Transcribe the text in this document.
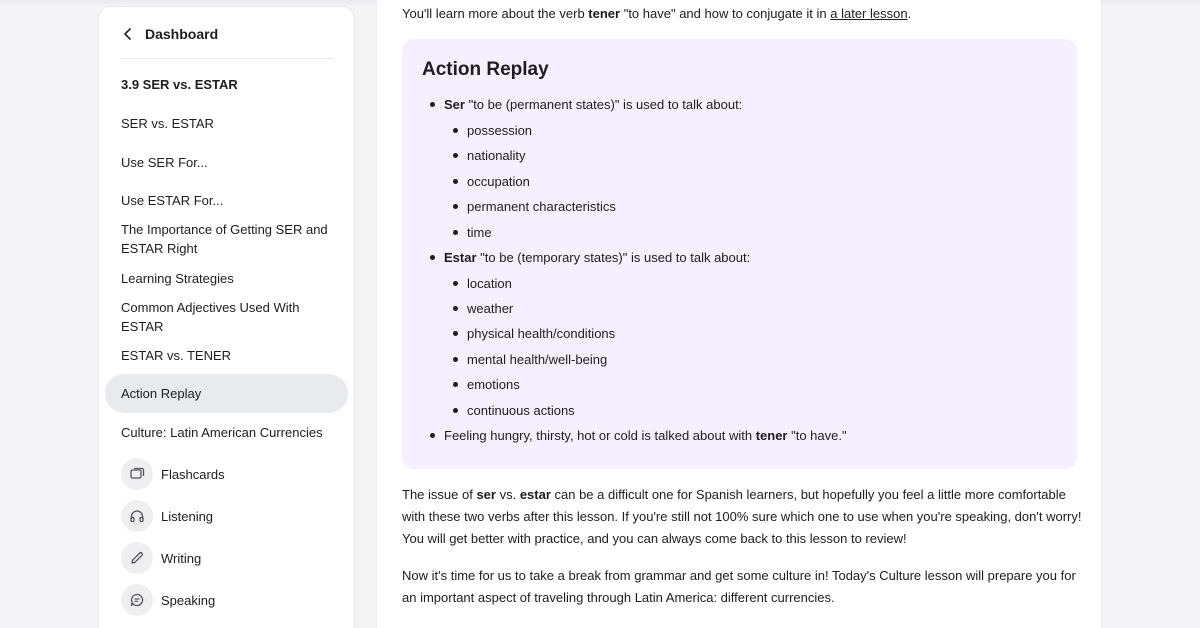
Dashboard
3.9 SER vs. ESTAR
SER vs. ESTAR
Use SER For...
Use ESTAR For...
The Importance of Getting SER and ESTAR Right
Learning Strategies
Common Adjectives Used With ESTAR
ESTAR vs. TENER
Action Replay
Culture: Latin American Currencies
Flashcards
Listening
Writing
Speaking

You'll learn more about the verb tener "to have" and how to conjugate it in a later lesson.

Action Replay
Ser "to be (permanent states)" is used to talk about:
possession
nationality
occupation
permanent characteristics
time
Estar "to be (temporary states)" is used to talk about:
location
weather
physical health/conditions
mental health/well-being
emotions
continuous actions
Feeling hungry, thirsty, hot or cold is talked about with tener "to have."

The issue of ser vs. estar can be a difficult one for Spanish learners, but hopefully you feel a little more comfortable with these two verbs after this lesson. If you're still not 100% sure which one to use when you're speaking, don't worry! You will get better with practice, and you can always come back to this lesson to review!

Now it's time for us to take a break from grammar and get some culture in! Today's Culture lesson will prepare you for an important aspect of traveling through Latin America: different currencies.
